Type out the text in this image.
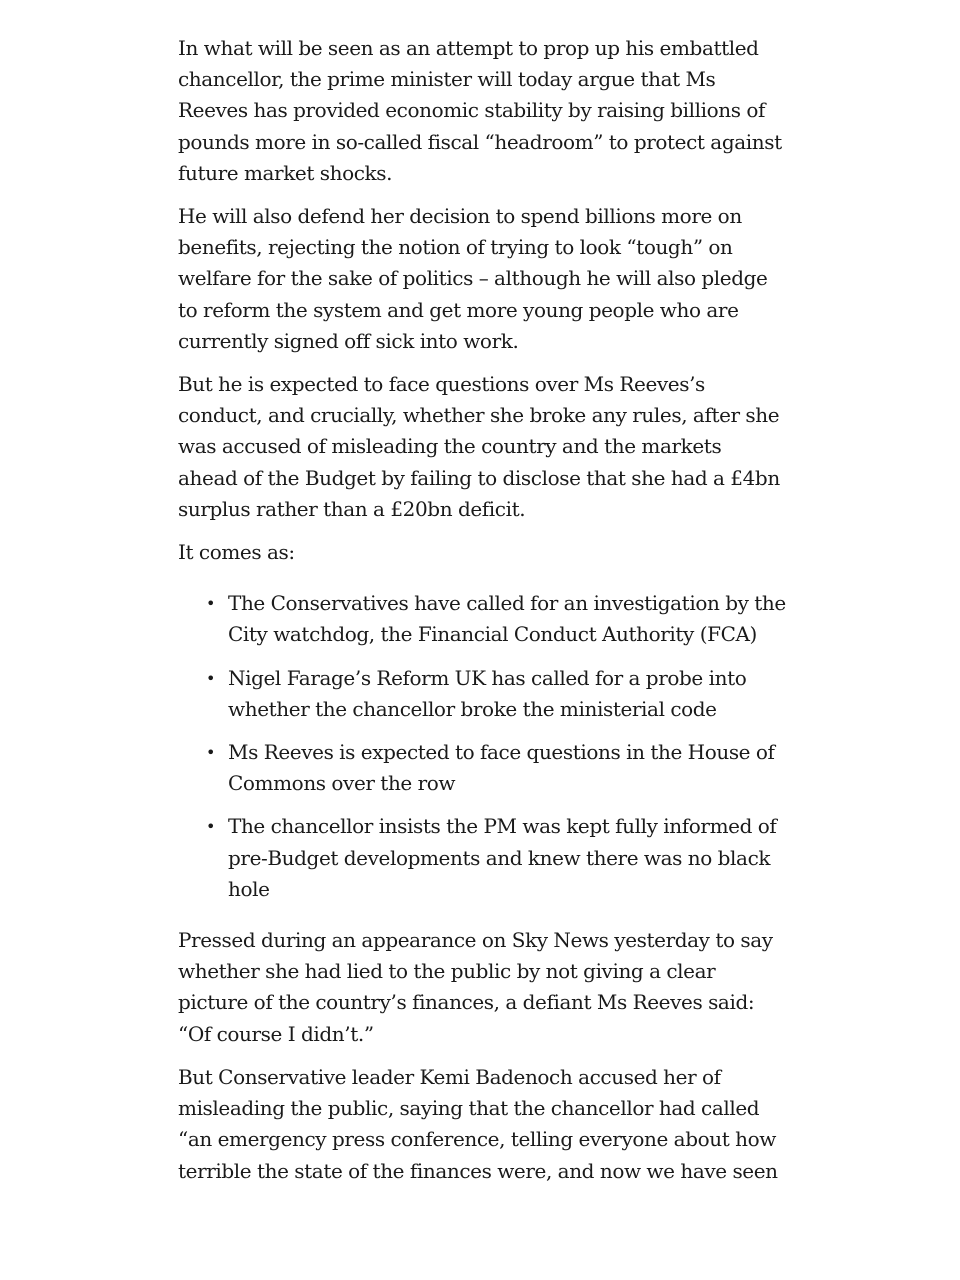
In what will be seen as an attempt to prop up his embattled chancellor, the prime minister will today argue that Ms Reeves has provided economic stability by raising billions of pounds more in so-called fiscal “headroom” to protect against future market shocks.

He will also defend her decision to spend billions more on benefits, rejecting the notion of trying to look “tough” on welfare for the sake of politics – although he will also pledge to reform the system and get more young people who are currently signed off sick into work.

But he is expected to face questions over Ms Reeves’s conduct, and crucially, whether she broke any rules, after she was accused of misleading the country and the markets ahead of the Budget by failing to disclose that she had a £4bn surplus rather than a £20bn deficit.

It comes as:

• The Conservatives have called for an investigation by the City watchdog, the Financial Conduct Authority (FCA)
• Nigel Farage’s Reform UK has called for a probe into whether the chancellor broke the ministerial code
• Ms Reeves is expected to face questions in the House of Commons over the row
• The chancellor insists the PM was kept fully informed of pre-Budget developments and knew there was no black hole

Pressed during an appearance on Sky News yesterday to say whether she had lied to the public by not giving a clear picture of the country’s finances, a defiant Ms Reeves said: “Of course I didn’t.”

But Conservative leader Kemi Badenoch accused her of misleading the public, saying that the chancellor had called “an emergency press conference, telling everyone about how terrible the state of the finances were, and now we have seen
